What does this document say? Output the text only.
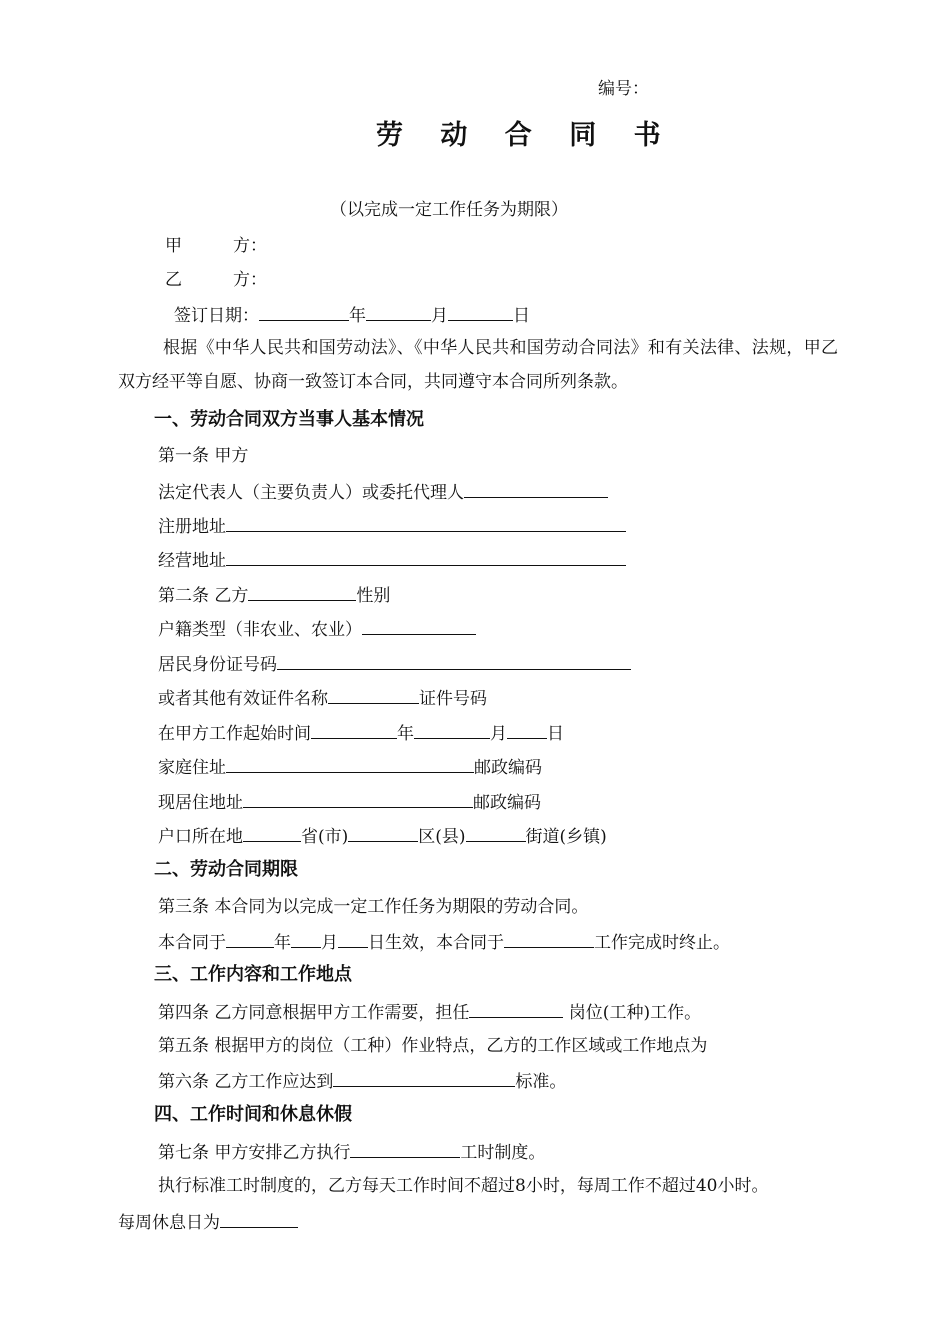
编号：
劳 动 合 同 书
（以完成一定工作任务为期限）
甲　　　方：
乙　　　方：
签订日期：	年	月	日
根据《中华人民共和国劳动法》、《中华人民共和国劳动合同法》和有关法律、法规，甲乙双方经平等自愿、协商一致签订本合同，共同遵守本合同所列条款。
一、劳动合同双方当事人基本情况
第一条 甲方
法定代表人（主要负责人）或委托代理人
注册地址
经营地址
第二条 乙方	性别
户籍类型（非农业、农业）
居民身份证号码
或者其他有效证件名称	证件号码
在甲方工作起始时间	年	月 日
家庭住址	邮政编码
现居住地址	邮政编码
户口所在地	省(市)	区(县)	街道(乡镇)
二、劳动合同期限
第三条 本合同为以完成一定工作任务为期限的劳动合同。
本合同于	年 月 日生效，本合同于	工作完成时终止。
三、工作内容和工作地点
第四条 乙方同意根据甲方工作需要，担任	岗位(工种)工作。
第五条 根据甲方的岗位（工种）作业特点，乙方的工作区域或工作地点为
第六条 乙方工作应达到	标准。
四、工作时间和休息休假
第七条 甲方安排乙方执行	工时制度。
执行标准工时制度的，乙方每天工作时间不超过8小时，每周工作不超过40小时。
每周休息日为
